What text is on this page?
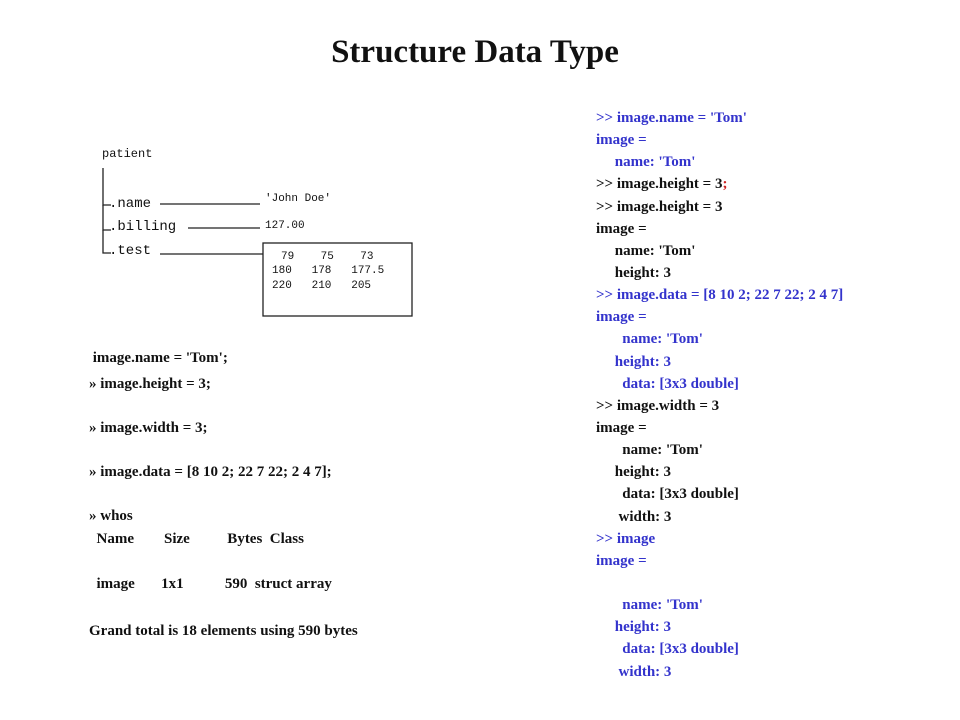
Structure Data Type
patient
.name
.billing
.test
'John Doe'
127.00
79    75    73
180   178   177.5
220   210   205
image.name = 'Tom';
» image.height = 3;
» image.width = 3;
» image.data = [8 10 2; 22 7 22; 2 4 7];
» whos
Name        Size          Bytes  Class
image       1x1           590  struct array
Grand total is 18 elements using 590 bytes
>> image.name = 'Tom'
image =
name: 'Tom'
>> image.height = 3;
>> image.height = 3
image =
name: 'Tom'
height: 3
>> image.data = [8 10 2; 22 7 22; 2 4 7]
image =
name: 'Tom'
height: 3
data: [3x3 double]
>> image.width = 3
image =
name: 'Tom'
height: 3
data: [3x3 double]
width: 3
>> image
image =
name: 'Tom'
height: 3
data: [3x3 double]
width: 3
